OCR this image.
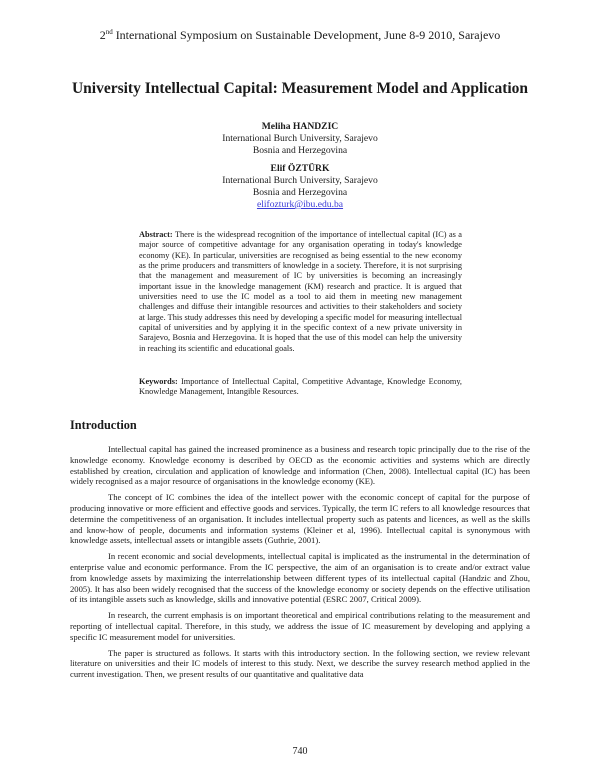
2nd International Symposium on Sustainable Development, June 8-9 2010, Sarajevo
University Intellectual Capital: Measurement Model and Application
Meliha HANDZIC
International Burch University, Sarajevo
Bosnia and Herzegovina
Elif ÖZTÜRK
International Burch University, Sarajevo
Bosnia and Herzegovina
elifozturk@ibu.edu.ba
Abstract: There is the widespread recognition of the importance of intellectual capital (IC) as a major source of competitive advantage for any organisation operating in today's knowledge economy (KE). In particular, universities are recognised as being essential to the new economy as the prime producers and transmitters of knowledge in a society. Therefore, it is not surprising that the management and measurement of IC by universities is becoming an increasingly important issue in the knowledge management (KM) research and practice. It is argued that universities need to use the IC model as a tool to aid them in meeting new management challenges and diffuse their intangible resources and activities to their stakeholders and society at large. This study addresses this need by developing a specific model for measuring intellectual capital of universities and by applying it in the specific context of a new private university in Sarajevo, Bosnia and Herzegovina. It is hoped that the use of this model can help the university in reaching its scientific and educational goals.
Keywords: Importance of Intellectual Capital, Competitive Advantage, Knowledge Economy, Knowledge Management, Intangible Resources.
Introduction

Intellectual capital has gained the increased prominence as a business and research topic principally due to the rise of the knowledge economy. Knowledge economy is described by OECD as the economic activities and systems which are directly established by creation, circulation and application of knowledge and information (Chen, 2008). Intellectual capital (IC) has been widely recognised as a major resource of organisations in the knowledge economy (KE).

The concept of IC combines the idea of the intellect power with the economic concept of capital for the purpose of producing innovative or more efficient and effective goods and services. Typically, the term IC refers to all knowledge resources that determine the competitiveness of an organisation. It includes intellectual property such as patents and licences, as well as the skills and know-how of people, documents and information systems (Kleiner et al, 1996). Intellectual capital is synonymous with knowledge assets, intellectual assets or intangible assets (Guthrie, 2001).

In recent economic and social developments, intellectual capital is implicated as the instrumental in the determination of enterprise value and economic performance. From the IC perspective, the aim of an organisation is to create and/or extract value from knowledge assets by maximizing the interrelationship between different types of its intellectual capital (Handzic and Zhou, 2005). It has also been widely recognised that the success of the knowledge economy or society depends on the effective utilisation of its intangible assets such as knowledge, skills and innovative potential (ESRC 2007, Critical 2009).

In research, the current emphasis is on important theoretical and empirical contributions relating to the measurement and reporting of intellectual capital. Therefore, in this study, we address the issue of IC measurement by developing and applying a specific IC measurement model for universities.

The paper is structured as follows. It starts with this introductory section. In the following section, we review relevant literature on universities and their IC models of interest to this study. Next, we describe the survey research method applied in the current investigation. Then, we present results of our quantitative and qualitative data

740
